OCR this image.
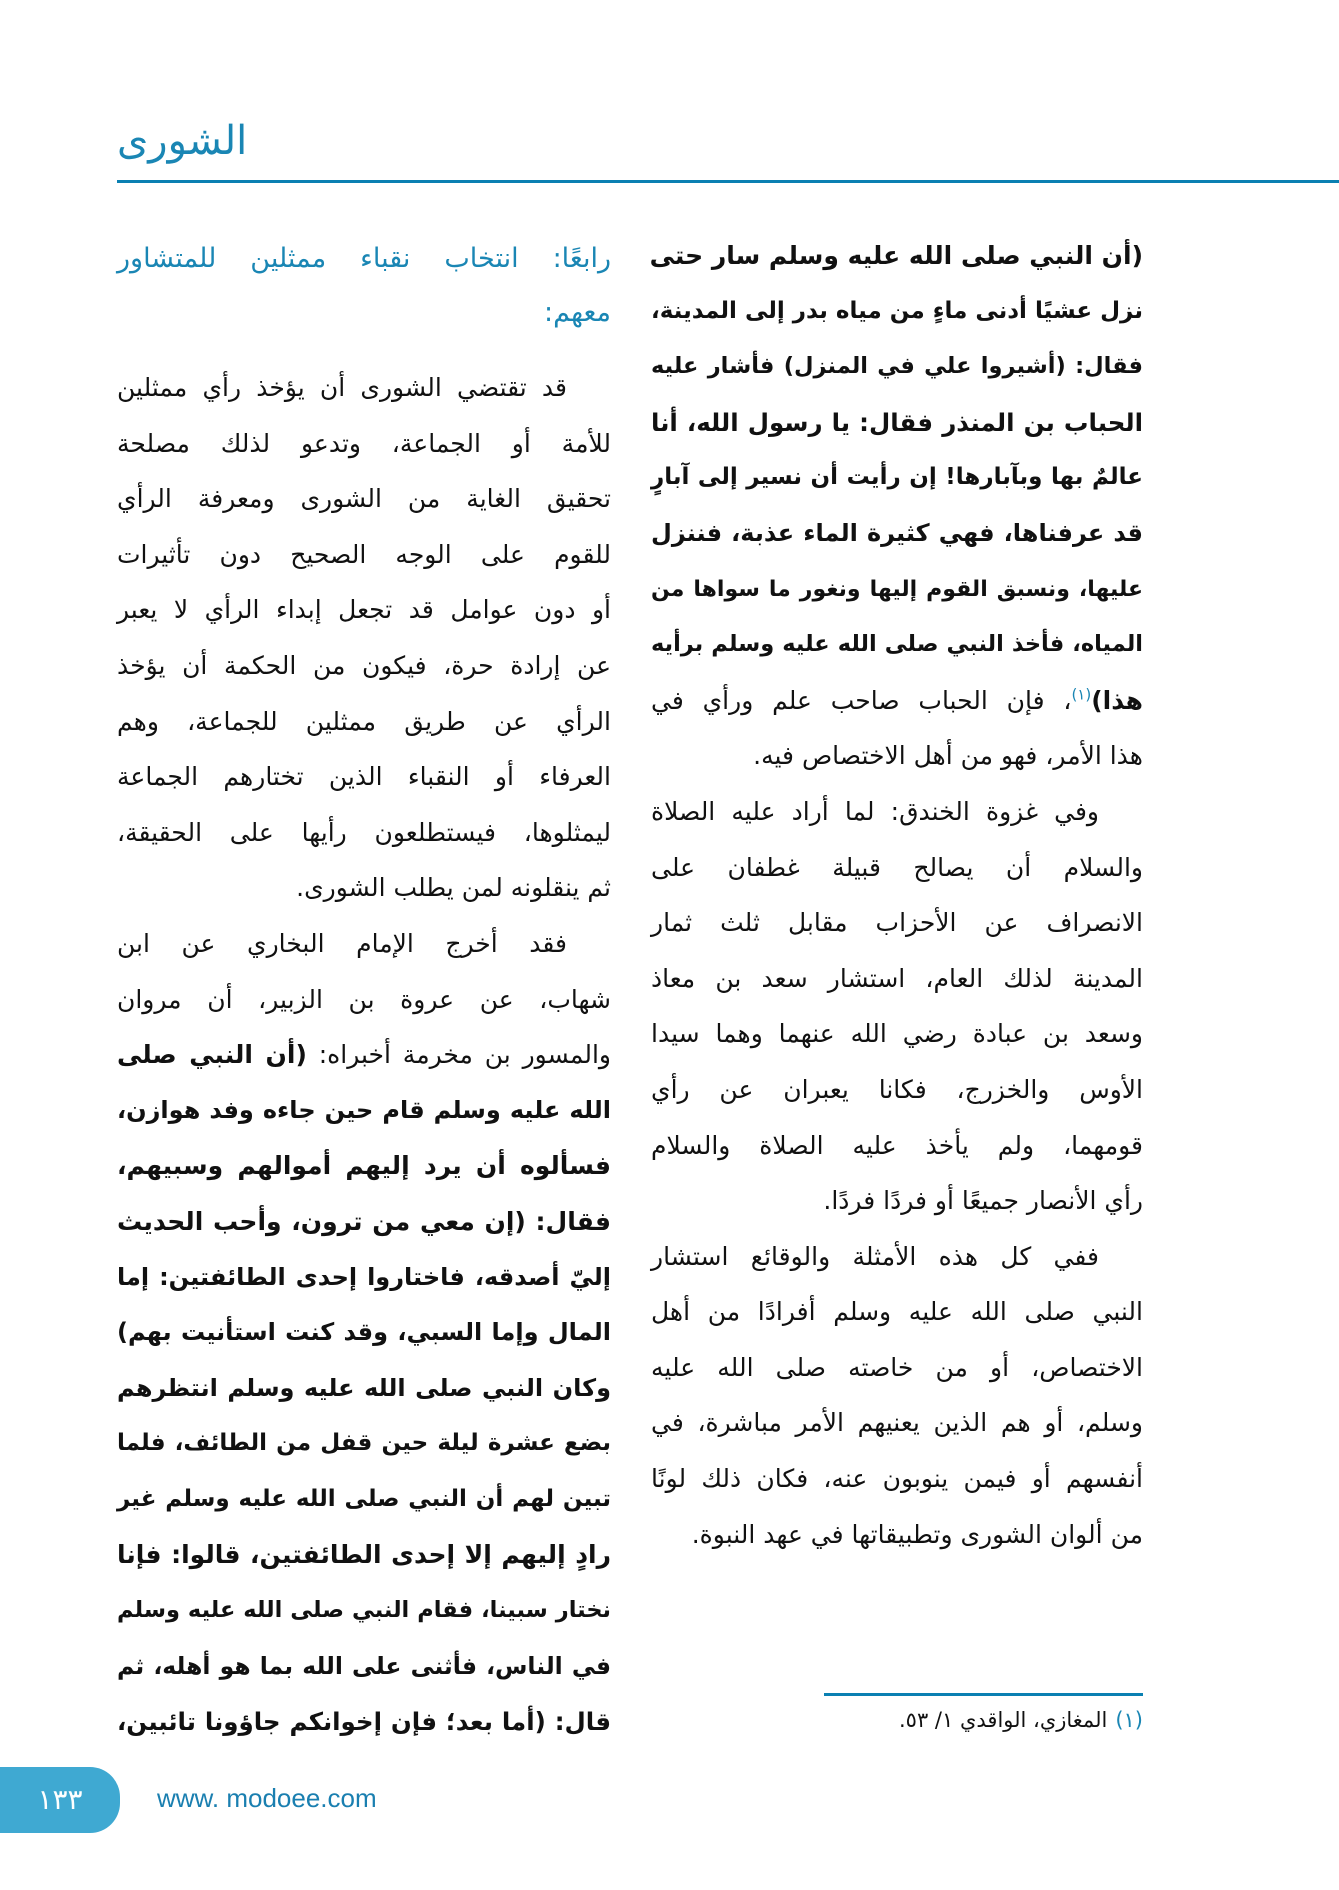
الشورى
(أن النبي صلى الله عليه وسلم سار حتى
نزل عشيًا أدنى ماءٍ من مياه بدر إلى المدينة،
فقال: (أشيروا علي في المنزل) فأشار عليه
الحباب بن المنذر فقال: يا رسول الله، أنا
عالمٌ بها وبآبارها! إن رأيت أن نسير إلى آبارٍ
قد عرفناها، فهي كثيرة الماء عذبة، فننزل
عليها، ونسبق القوم إليها ونغور ما سواها من
المياه، فأخذ النبي صلى الله عليه وسلم برأيه
هذا)$^{(١)}$، فإن الحباب صاحب علم ورأي في
هذا الأمر، فهو من أهل الاختصاص فيه.
وفي غزوة الخندق: لما أراد عليه الصلاة
والسلام أن يصالح قبيلة غطفان على
الانصراف عن الأحزاب مقابل ثلث ثمار
المدينة لذلك العام، استشار سعد بن معاذ
وسعد بن عبادة رضي الله عنهما وهما سيدا
الأوس والخزرج، فكانا يعبران عن رأي
قومهما، ولم يأخذ عليه الصلاة والسلام
رأي الأنصار جميعًا أو فردًا فردًا.
ففي كل هذه الأمثلة والوقائع استشار
النبي صلى الله عليه وسلم أفرادًا من أهل
الاختصاص، أو من خاصته صلى الله عليه
وسلم، أو هم الذين يعنيهم الأمر مباشرة، في
أنفسهم أو فيمن ينوبون عنه، فكان ذلك لونًا
من ألوان الشورى وتطبيقاتها في عهد النبوة.
رابعًا: انتخاب نقباء ممثلين للمتشاور
معهم:
قد تقتضي الشورى أن يؤخذ رأي ممثلين
للأمة أو الجماعة، وتدعو لذلك مصلحة
تحقيق الغاية من الشورى ومعرفة الرأي
للقوم على الوجه الصحيح دون تأثيرات
أو دون عوامل قد تجعل إبداء الرأي لا يعبر
عن إرادة حرة، فيكون من الحكمة أن يؤخذ
الرأي عن طريق ممثلين للجماعة، وهم
العرفاء أو النقباء الذين تختارهم الجماعة
ليمثلوها، فيستطلعون رأيها على الحقيقة،
ثم ينقلونه لمن يطلب الشورى.
فقد أخرج الإمام البخاري عن ابن
شهاب، عن عروة بن الزبير، أن مروان
والمسور بن مخرمة أخبراه: (أن النبي صلى
الله عليه وسلم قام حين جاءه وفد هوازن،
فسألوه أن يرد إليهم أموالهم وسبيهم،
فقال: (إن معي من ترون، وأحب الحديث
إليّ أصدقه، فاختاروا إحدى الطائفتين: إما
المال وإما السبي، وقد كنت استأنيت بهم)
وكان النبي صلى الله عليه وسلم انتظرهم
بضع عشرة ليلة حين قفل من الطائف، فلما
تبين لهم أن النبي صلى الله عليه وسلم غير
رادٍ إليهم إلا إحدى الطائفتين، قالوا: فإنا
نختار سبينا، فقام النبي صلى الله عليه وسلم
في الناس، فأثنى على الله بما هو أهله، ثم
قال: (أما بعد؛ فإن إخوانكم جاؤونا تائبين،	(١)المغازي، الواقدي ١/ ٥٣.
١٣٣	www. modoee.com
